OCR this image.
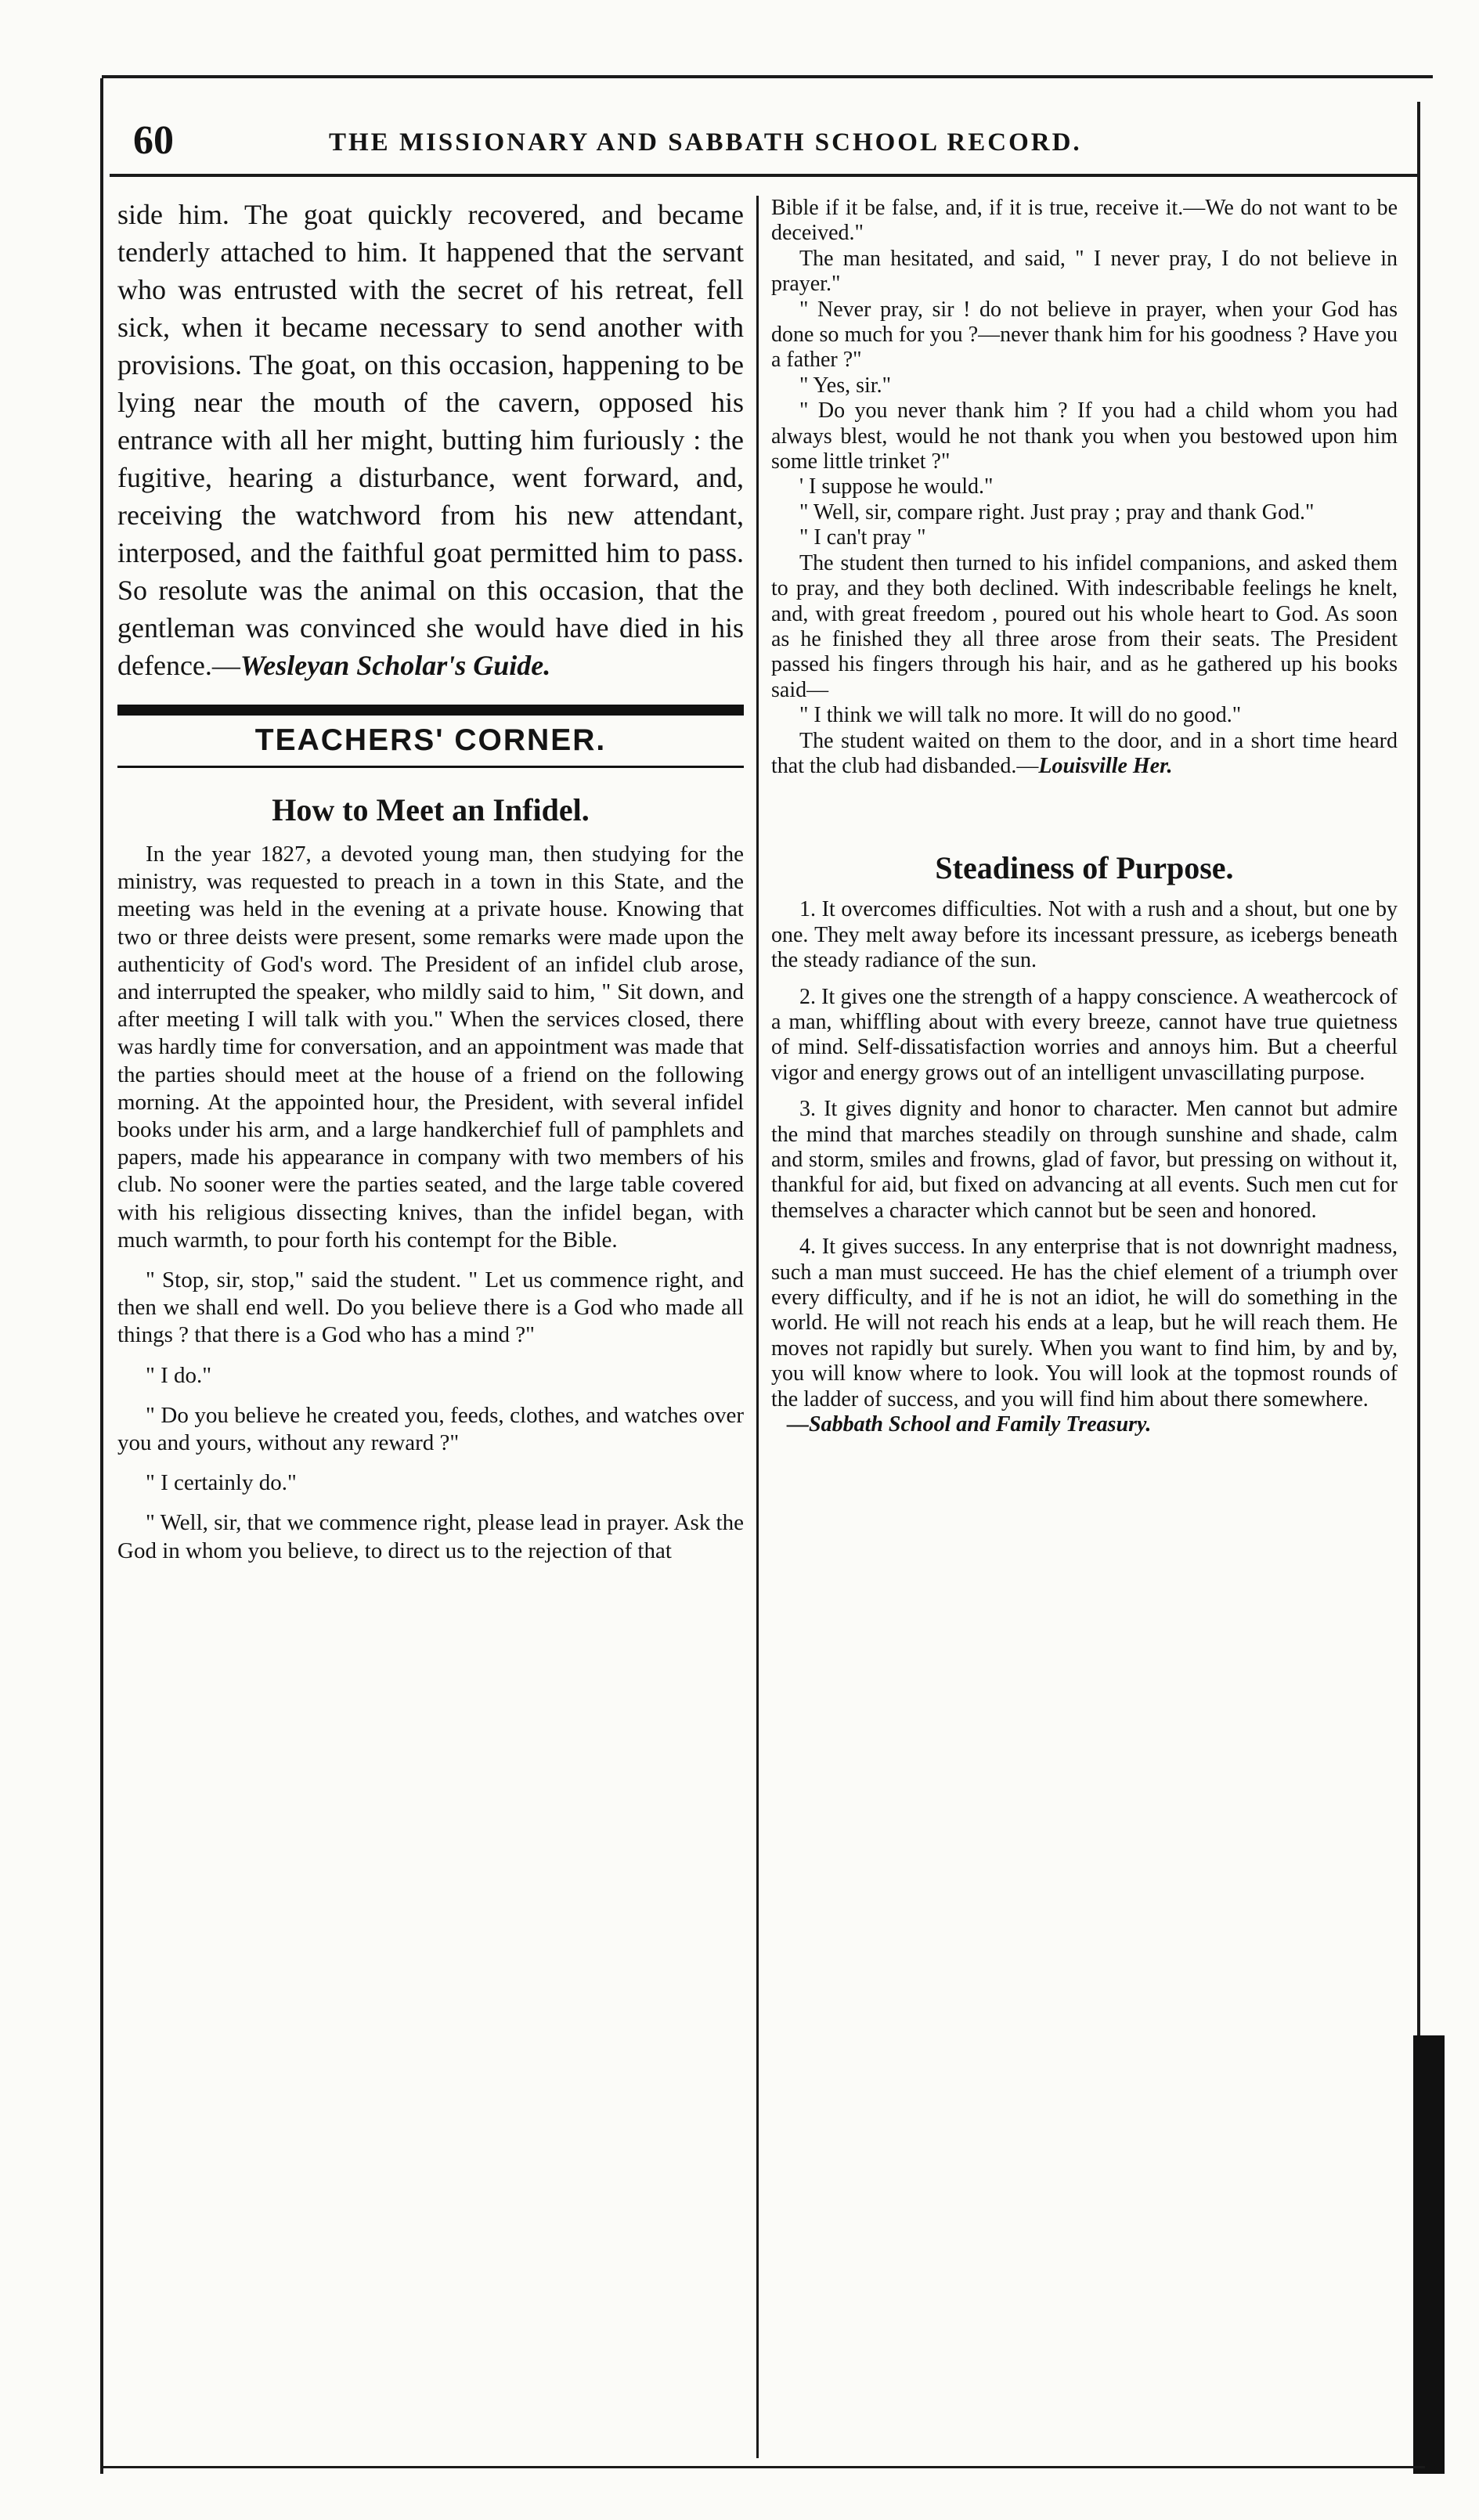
60	THE MISSIONARY AND SABBATH SCHOOL RECORD.

side him. The goat quickly recovered, and became tenderly attached to him. It happened that the servant who was entrusted with the secret of his retreat, fell sick, when it became necessary to send another with provisions. The goat, on this occasion, happening to be lying near the mouth of the cavern, opposed his entrance with all her might, butting him furiously : the fugitive, hearing a disturbance, went forward, and, receiving the watchword from his new attendant, interposed, and the faithful goat permitted him to pass. So resolute was the animal on this occasion, that the gentleman was convinced she would have died in his defence.—Wesleyan Scholar's Guide.

TEACHERS' CORNER.

How to Meet an Infidel.

In the year 1827, a devoted young man, then studying for the ministry, was requested to preach in a town in this State, and the meeting was held in the evening at a private house. Knowing that two or three deists were present, some remarks were made upon the authenticity of God's word. The President of an infidel club arose, and interrupted the speaker, who mildly said to him, " Sit down, and after meeting I will talk with you." When the services closed, there was hardly time for conversation, and an appointment was made that the parties should meet at the house of a friend on the following morning. At the appointed hour, the President, with several infidel books under his arm, and a large handkerchief full of pamphlets and papers, made his appearance in company with two members of his club. No sooner were the parties seated, and the large table covered with his religious dissecting knives, than the infidel began, with much warmth, to pour forth his contempt for the Bible.

" Stop, sir, stop," said the student. " Let us commence right, and then we shall end well. Do you believe there is a God who made all things ? that there is a God who has a mind ?"

" I do."

" Do you believe he created you, feeds, clothes, and watches over you and yours, without any reward ?"

" I certainly do."

" Well, sir, that we commence right, please lead in prayer. Ask the God in whom you believe, to direct us to the rejection of that

Bible if it be false, and, if it is true, receive it.—We do not want to be deceived."

The man hesitated, and said, " I never pray, I do not believe in prayer."

" Never pray, sir ! do not believe in prayer, when your God has done so much for you ?—never thank him for his goodness ? Have you a father ?"

" Yes, sir."

" Do you never thank him ? If you had a child whom you had always blest, would he not thank you when you bestowed upon him some little trinket ?"

' I suppose he would."

" Well, sir, compare right. Just pray ; pray and thank God."

" I can't pray "

The student then turned to his infidel companions, and asked them to pray, and they both declined. With indescribable feelings he knelt, and, with great freedom , poured out his whole heart to God. As soon as he finished they all three arose from their seats. The President passed his fingers through his hair, and as he gathered up his books said—

" I think we will talk no more. It will do no good."

The student waited on them to the door, and in a short time heard that the club had disbanded.—Louisville Her.

Steadiness of Purpose.

1. It overcomes difficulties. Not with a rush and a shout, but one by one. They melt away before its incessant pressure, as icebergs beneath the steady radiance of the sun.

2. It gives one the strength of a happy conscience. A weathercock of a man, whiffling about with every breeze, cannot have true quietness of mind. Self-dissatisfaction worries and annoys him. But a cheerful vigor and energy grows out of an intelligent unvascillating purpose.

3. It gives dignity and honor to character. Men cannot but admire the mind that marches steadily on through sunshine and shade, calm and storm, smiles and frowns, glad of favor, but pressing on without it, thankful for aid, but fixed on advancing at all events. Such men cut for themselves a character which cannot but be seen and honored.

4. It gives success. In any enterprise that is not downright madness, such a man must succeed. He has the chief element of a triumph over every difficulty, and if he is not an idiot, he will do something in the world. He will not reach his ends at a leap, but he will reach them. He moves not rapidly but surely. When you want to find him, by and by, you will know where to look. You will look at the topmost rounds of the ladder of success, and you will find him about there somewhere.

—Sabbath School and Family Treasury.
